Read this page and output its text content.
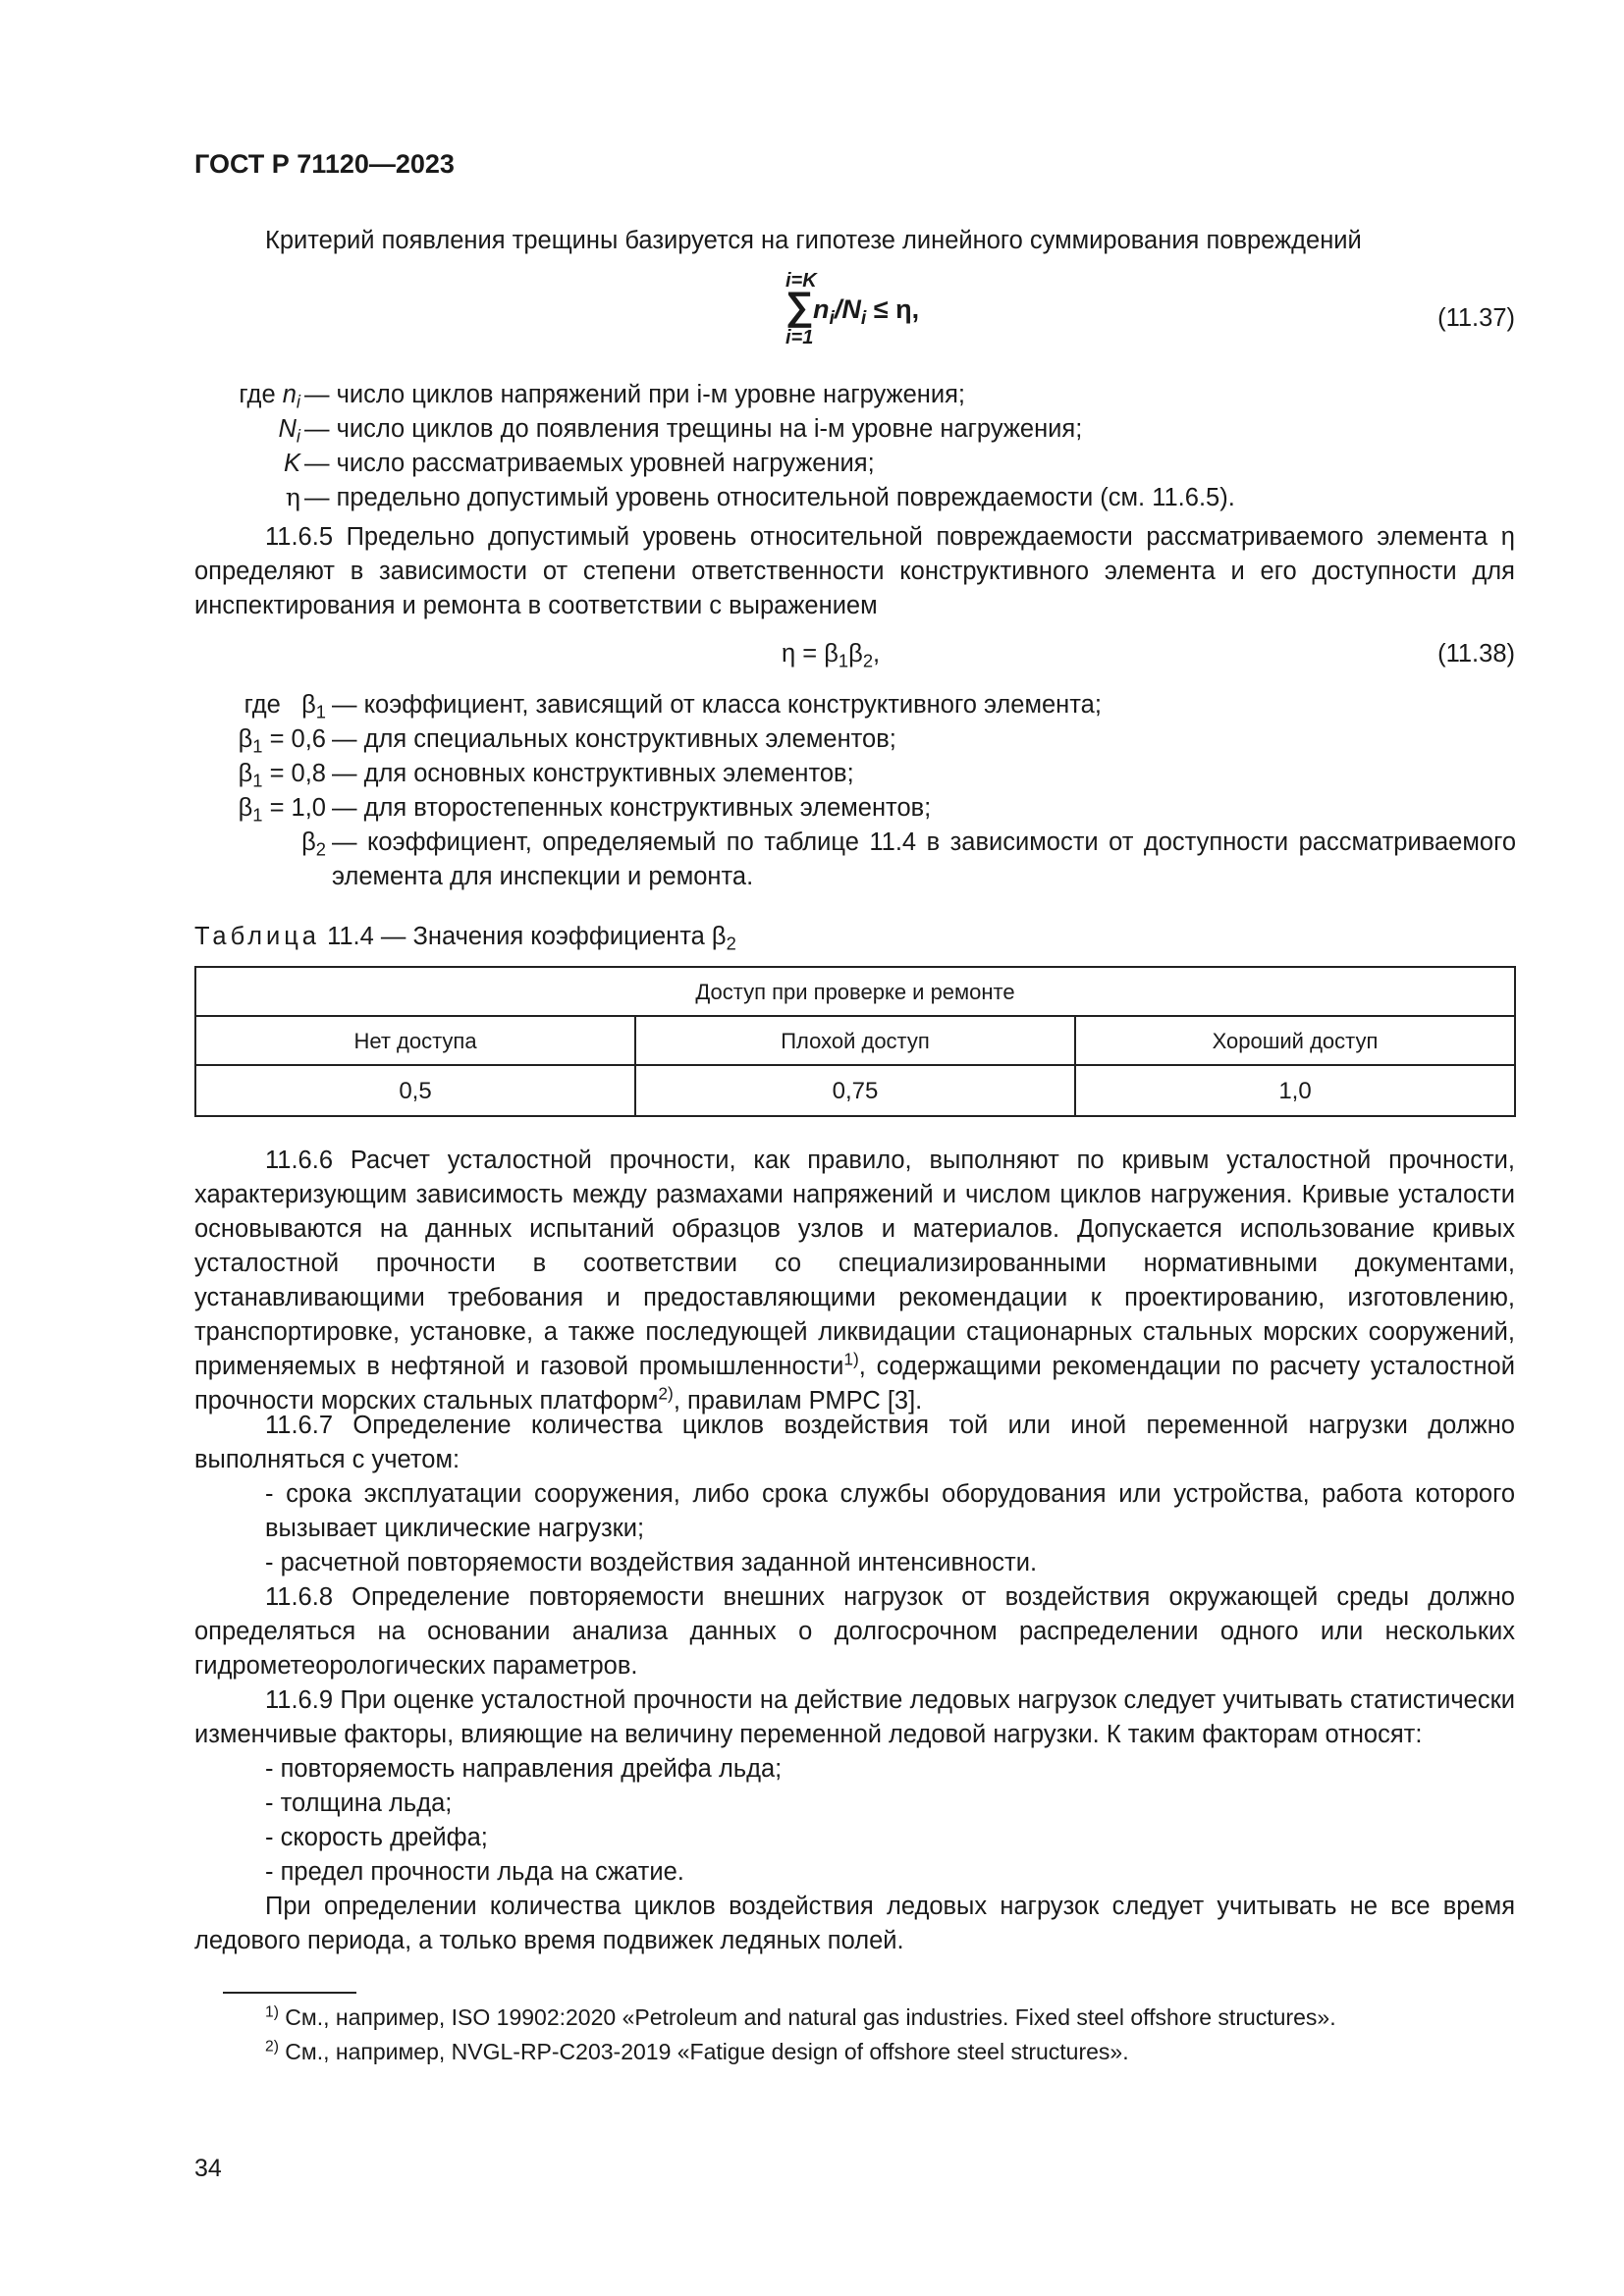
ГОСТ Р 71120—2023
Критерий появления трещины базируется на гипотезе линейного суммирования повреждений
i=K
∑ $n_i/N_i \le \eta$,
i=1
(11.37)
где $n_i$ — число циклов напряжений при i-м уровне нагружения;
$N_i$ — число циклов до появления трещины на i-м уровне нагружения;
K — число рассматриваемых уровней нагружения;
η — предельно допустимый уровень относительной повреждаемости (см. 11.6.5).
11.6.5 Предельно допустимый уровень относительной повреждаемости рассматриваемого элемента η определяют в зависимости от степени ответственности конструктивного элемента и его доступности для инспектирования и ремонта в соответствии с выражением
$\eta = \beta_1\beta_2$,	(11.38)
где   $\beta_1$ — коэффициент, зависящий от класса конструктивного элемента;
$\beta_1 = 0,6$ — для специальных конструктивных элементов;
$\beta_1 = 0,8$ — для основных конструктивных элементов;
$\beta_1 = 1,0$ — для второстепенных конструктивных элементов;
$\beta_2$ — коэффициент, определяемый по таблице 11.4 в зависимости от доступности рассматриваемого элемента для инспекции и ремонта.
Таблица 11.4 — Значения коэффициента $\beta_2$
Доступ при проверке и ремонте		
Нет доступа	Плохой доступ	Хороший доступ
0,5	0,75	1,0
11.6.6 Расчет усталостной прочности, как правило, выполняют по кривым усталостной прочности, характеризующим зависимость между размахами напряжений и числом циклов нагружения. Кривые усталости основываются на данных испытаний образцов узлов и материалов. Допускается использование кривых усталостной прочности в соответствии со специализированными нормативными документами, устанавливающими требования и предоставляющими рекомендации к проектированию, изготовлению, транспортировке, установке, а также последующей ликвидации стационарных стальных морских сооружений, применяемых в нефтяной и газовой промышленности$^{1)}$, содержащими рекомендации по расчету усталостной прочности морских стальных платформ$^{2)}$, правилам РМРС [3].
11.6.7 Определение количества циклов воздействия той или иной переменной нагрузки должно выполняться с учетом:
- срока эксплуатации сооружения, либо срока службы оборудования или устройства, работа которого вызывает циклические нагрузки;
- расчетной повторяемости воздействия заданной интенсивности.
11.6.8 Определение повторяемости внешних нагрузок от воздействия окружающей среды должно определяться на основании анализа данных о долгосрочном распределении одного или нескольких гидрометеорологических параметров.
11.6.9 При оценке усталостной прочности на действие ледовых нагрузок следует учитывать статистически изменчивые факторы, влияющие на величину переменной ледовой нагрузки. К таким факторам относят:
- повторяемость направления дрейфа льда;
- толщина льда;
- скорость дрейфа;
- предел прочности льда на сжатие.
При определении количества циклов воздействия ледовых нагрузок следует учитывать не все время ледового периода, а только время подвижек ледяных полей.
$^{1)}$ См., например, ISO 19902:2020 «Petroleum and natural gas industries. Fixed steel offshore structures».
$^{2)}$ См., например, NVGL-RP-C203-2019 «Fatigue design of offshore steel structures».
34
